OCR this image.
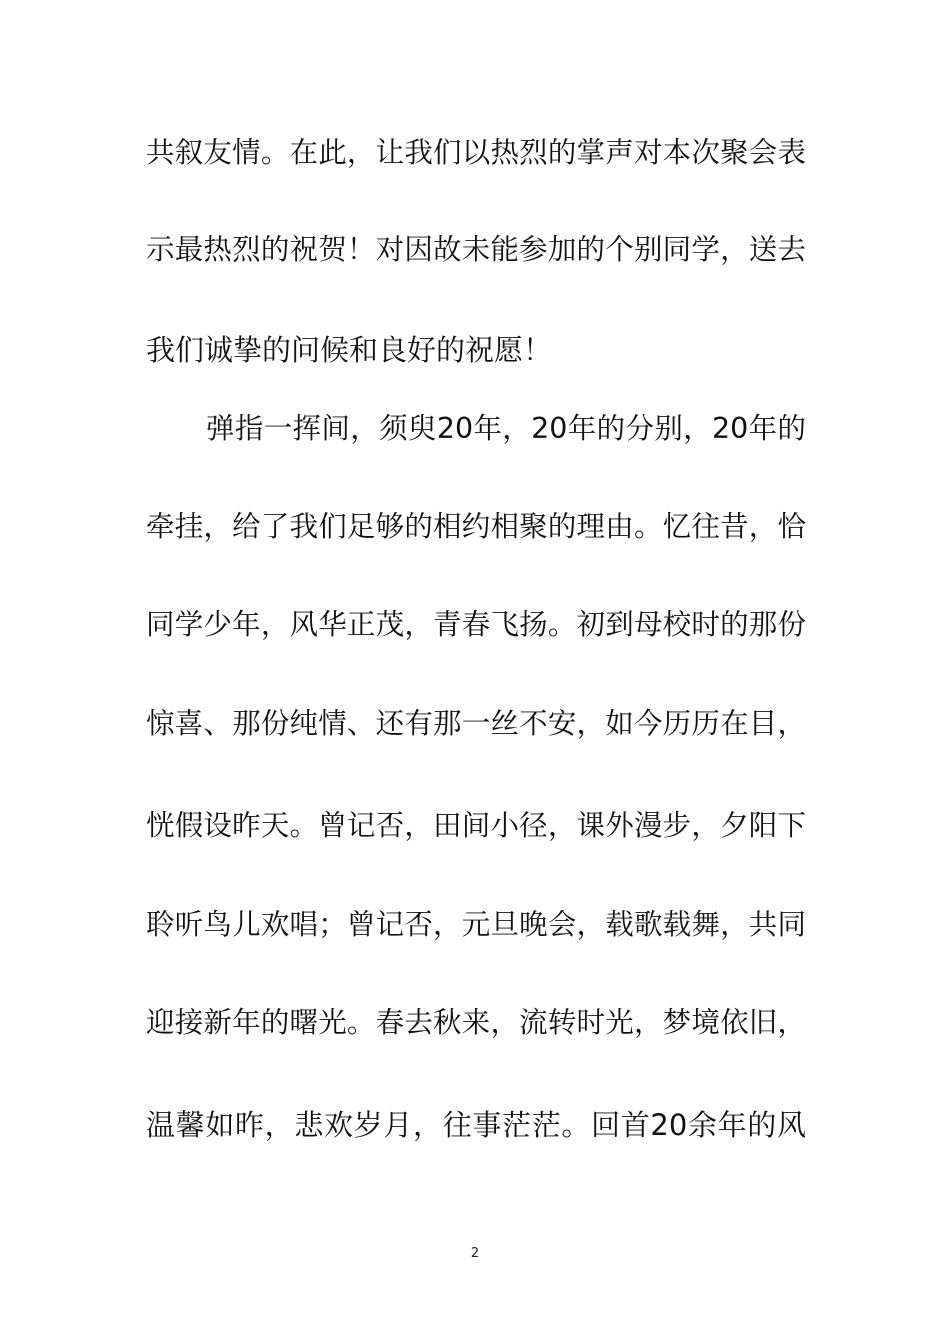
共叙友情。在此，让我们以热烈的掌声对本次聚会表
示最热烈的祝贺！对因故未能参加的个别同学，送去
我们诚挚的问候和良好的祝愿！
弹指一挥间，须臾20年，20年的分别，20年的
牵挂，给了我们足够的相约相聚的理由。忆往昔，恰
同学少年，风华正茂，青春飞扬。初到母校时的那份
惊喜、那份纯情、还有那一丝不安，如今历历在目，
恍假设昨天。曾记否，田间小径，课外漫步，夕阳下
聆听鸟儿欢唱；曾记否，元旦晚会，载歌载舞，共同
迎接新年的曙光。春去秋来，流转时光，梦境依旧，
温馨如昨，悲欢岁月，往事茫茫。回首20余年的风
2
